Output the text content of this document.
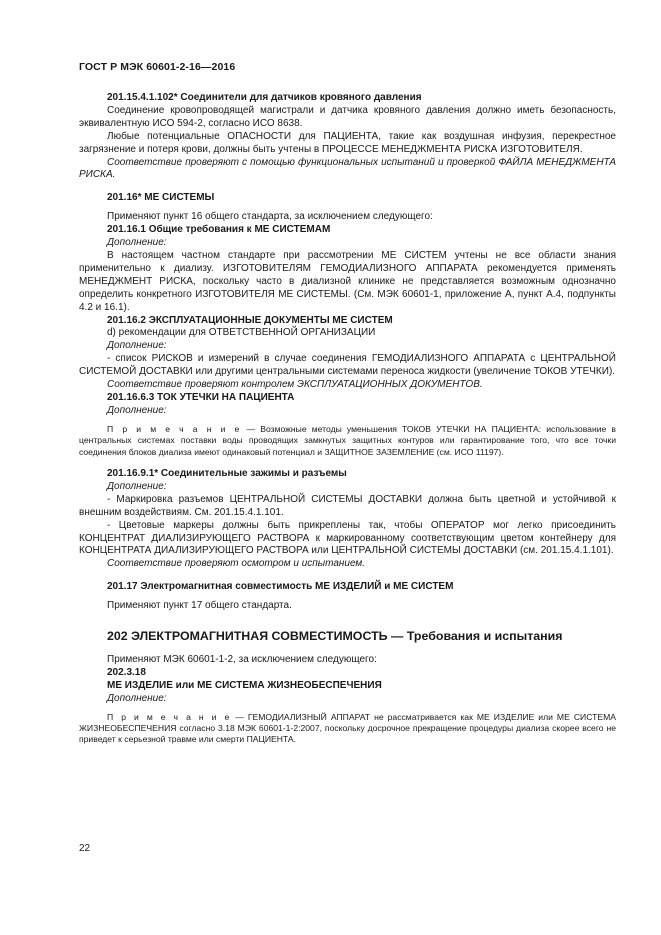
ГОСТ Р МЭК 60601-2-16—2016

201.15.4.1.102* Соединители для датчиков кровяного давления

Соединение кровопроводящей магистрали и датчика кровяного давления должно иметь безопасность, эквивалентную ИСО 594-2, согласно ИСО 8638.

Любые потенциальные ОПАСНОСТИ для ПАЦИЕНТА, такие как воздушная инфузия, перекрестное загрязнение и потеря крови, должны быть учтены в ПРОЦЕССЕ МЕНЕДЖМЕНТА РИСКА ИЗГОТОВИТЕЛЯ.

Соответствие проверяют с помощью функциональных испытаний и проверкой ФАЙЛА МЕНЕДЖМЕНТА РИСКА.

201.16* МЕ СИСТЕМЫ

Применяют пункт 16 общего стандарта, за исключением следующего:

201.16.1 Общие требования к МЕ СИСТЕМАМ

Дополнение:

В настоящем частном стандарте при рассмотрении МЕ СИСТЕМ учтены не все области знания применительно к диализу. ИЗГОТОВИТЕЛЯМ ГЕМОДИАЛИЗНОГО АППАРАТА рекомендуется применять МЕНЕДЖМЕНТ РИСКА, поскольку часто в диализной клинике не представляется возможным однозначно определить конкретного ИЗГОТОВИТЕЛЯ МЕ СИСТЕМЫ. (См. МЭК 60601-1, приложение А, пункт А.4, подпункты 4.2 и 16.1).

201.16.2 ЭКСПЛУАТАЦИОННЫЕ ДОКУМЕНТЫ МЕ СИСТЕМ

d) рекомендации для ОТВЕТСТВЕННОЙ ОРГАНИЗАЦИИ

Дополнение:

- список РИСКОВ и измерений в случае соединения ГЕМОДИАЛИЗНОГО АППАРАТА с ЦЕНТРАЛЬНОЙ СИСТЕМОЙ ДОСТАВКИ или другими центральными системами переноса жидкости (увеличение ТОКОВ УТЕЧКИ).

Соответствие проверяют контролем ЭКСПЛУАТАЦИОННЫХ ДОКУМЕНТОВ.

201.16.6.3 ТОК УТЕЧКИ НА ПАЦИЕНТА

Дополнение:

П р и м е ч а н и е — Возможные методы уменьшения ТОКОВ УТЕЧКИ НА ПАЦИЕНТА: использование в центральных системах поставки воды проводящих замкнутых защитных контуров или гарантирование того, что все точки соединения блоков диализа имеют одинаковый потенциал и ЗАЩИТНОЕ ЗАЗЕМЛЕНИЕ (см. ИСО 11197).

201.16.9.1* Соединительные зажимы и разъемы

Дополнение:

- Маркировка разъемов ЦЕНТРАЛЬНОЙ СИСТЕМЫ ДОСТАВКИ должна быть цветной и устойчивой к внешним воздействиям. См. 201.15.4.1.101.

- Цветовые маркеры должны быть прикреплены так, чтобы ОПЕРАТОР мог легко присоединить КОНЦЕНТРАТ ДИАЛИЗИРУЮЩЕГО РАСТВОРА к маркированному соответствующим цветом контейнеру для КОНЦЕНТРАТА ДИАЛИЗИРУЮЩЕГО РАСТВОРА или ЦЕНТРАЛЬНОЙ СИСТЕМЫ ДОСТАВКИ (см. 201.15.4.1.101).

Соответствие проверяют осмотром и испытанием.

201.17 Электромагнитная совместимость МЕ ИЗДЕЛИЙ и МЕ СИСТЕМ

Применяют пункт 17 общего стандарта.

202 ЭЛЕКТРОМАГНИТНАЯ СОВМЕСТИМОСТЬ — Требования и испытания

Применяют МЭК 60601-1-2, за исключением следующего:

202.3.18

МЕ ИЗДЕЛИЕ или МЕ СИСТЕМА ЖИЗНЕОБЕСПЕЧЕНИЯ

Дополнение:

П р и м е ч а н и е — ГЕМОДИАЛИЗНЫЙ АППАРАТ не рассматривается как МЕ ИЗДЕЛИЕ или МЕ СИСТЕМА ЖИЗНЕОБЕСПЕЧЕНИЯ согласно 3.18 МЭК 60601-1-2:2007, поскольку досрочное прекращение процедуры диализа скорее всего не приведет к серьезной травме или смерти ПАЦИЕНТА.

22
